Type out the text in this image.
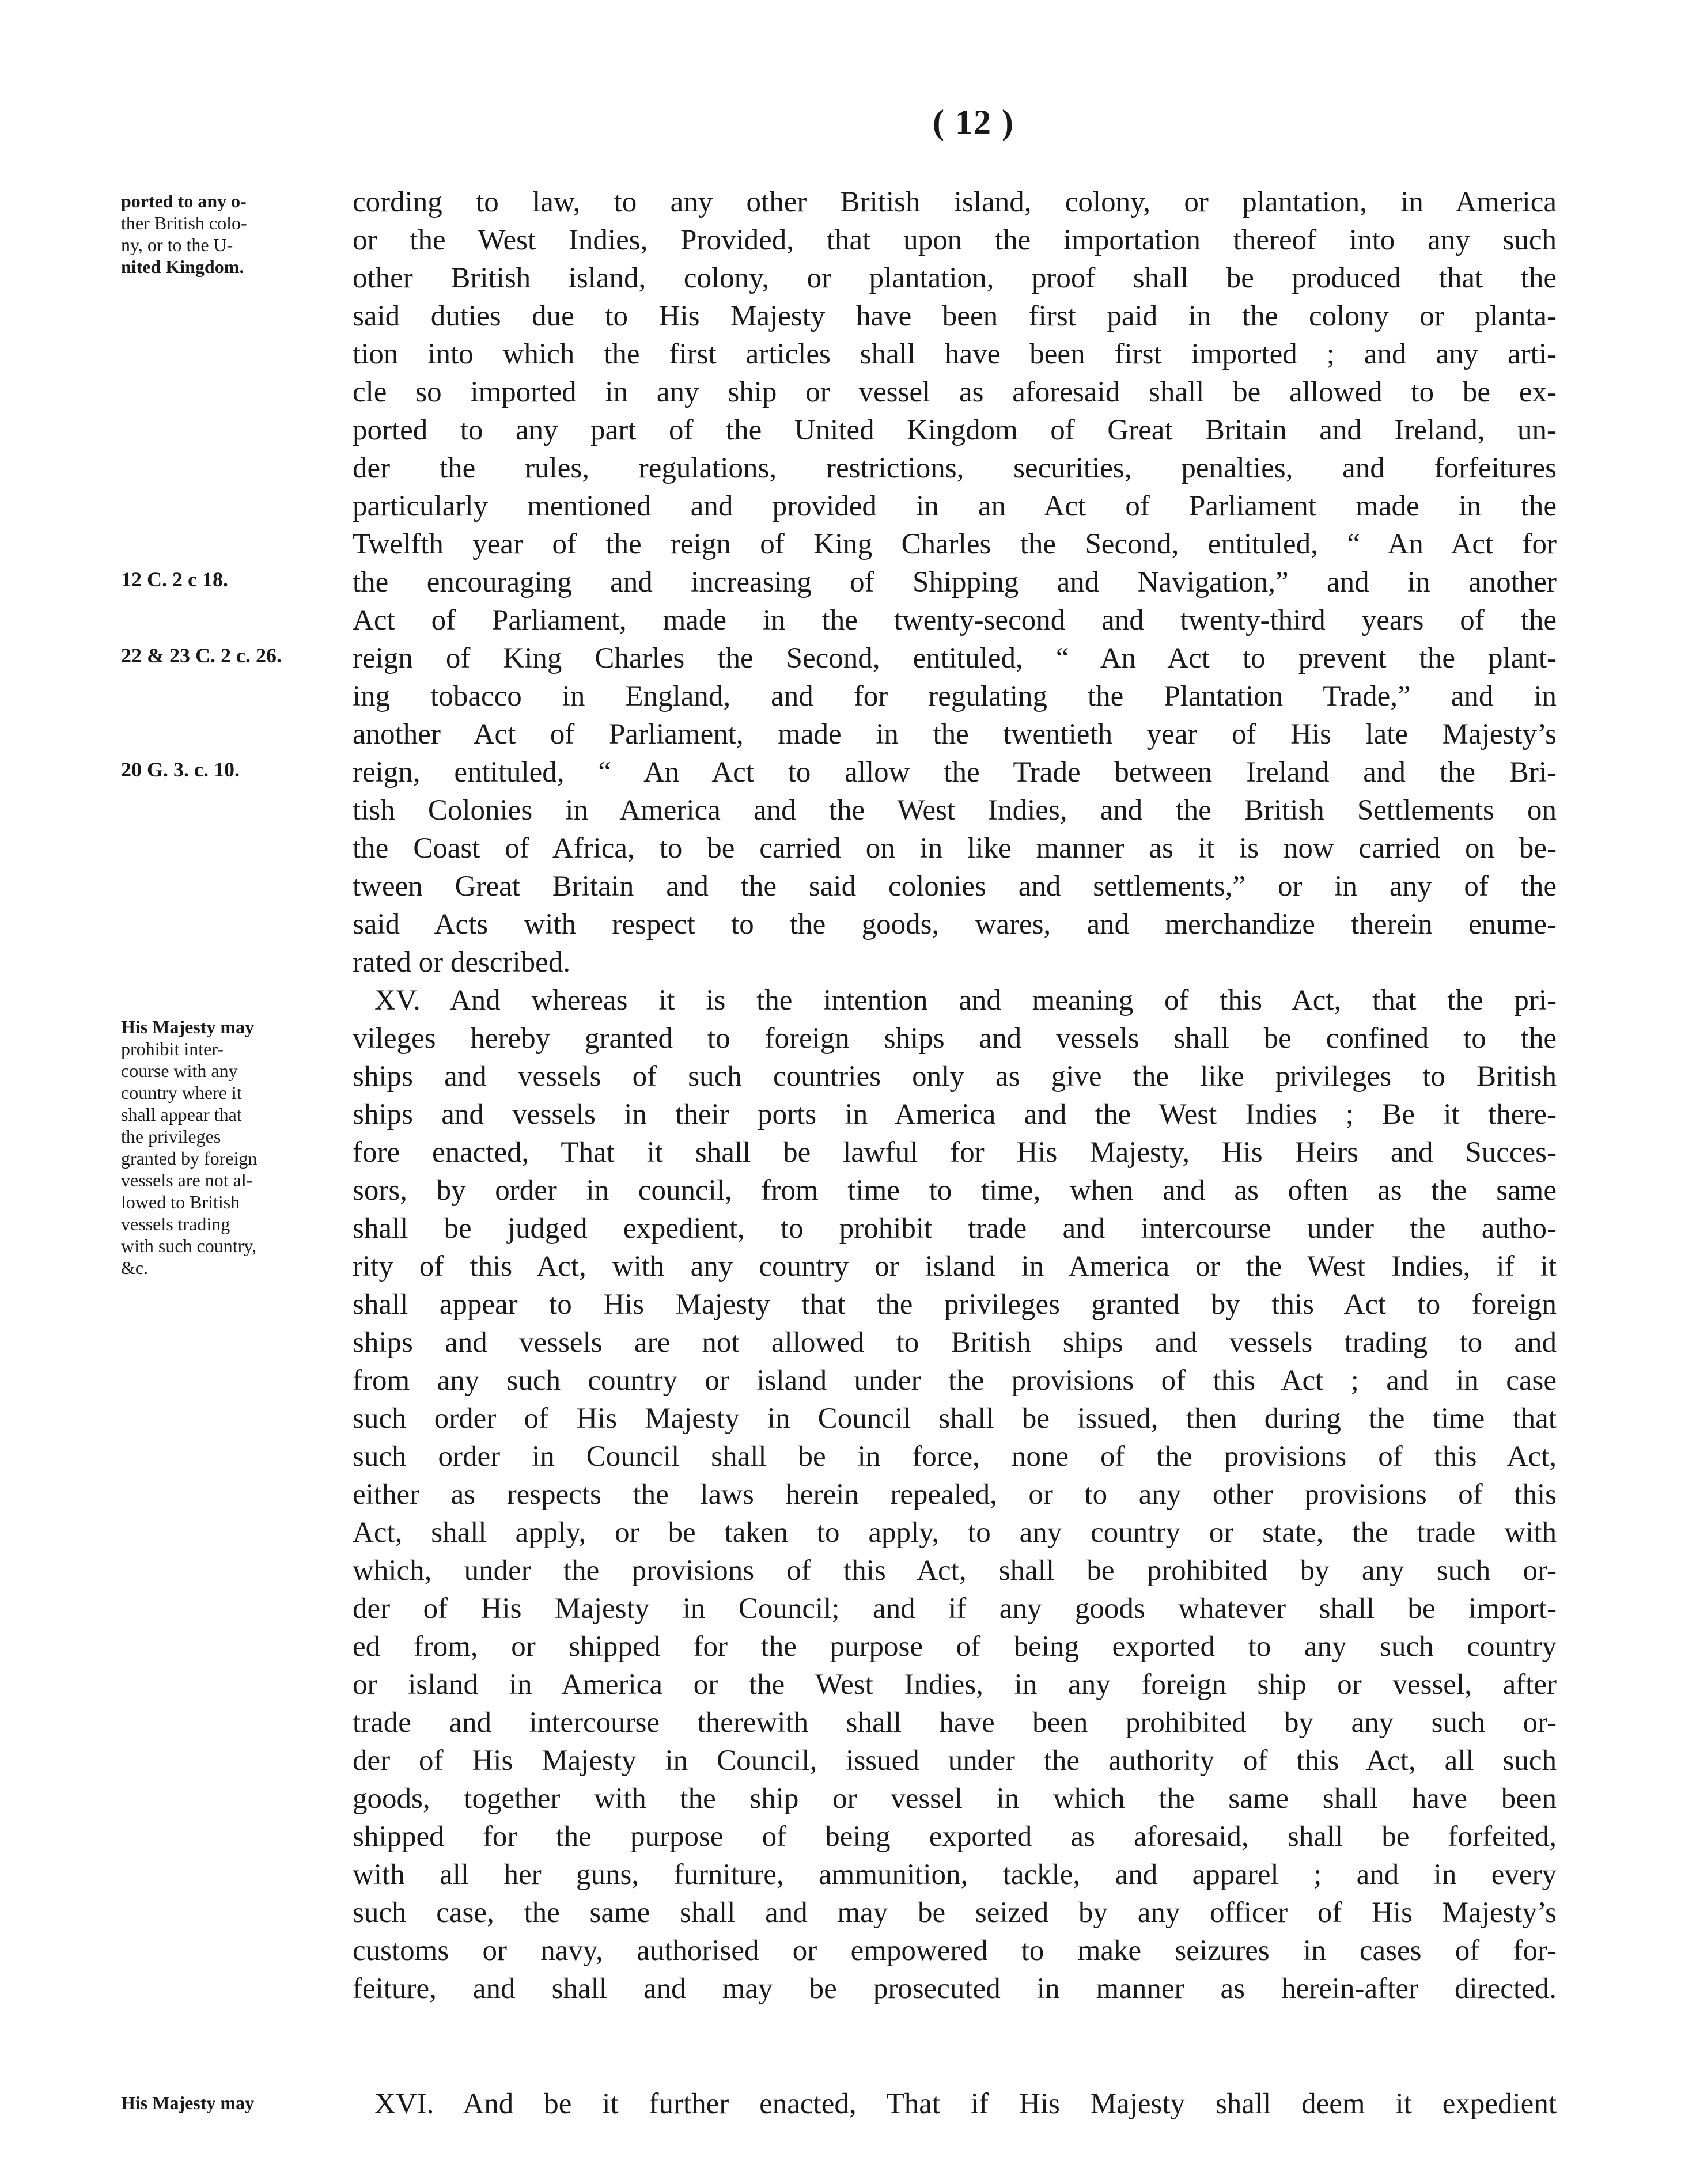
( 12 )
ported to any o-
ther British colo-
ny, or to the U-
nited Kingdom.
12 C. 2 c 18.
22 & 23 C. 2 c. 26.
20 G. 3. c. 10.
His Majesty may
prohibit inter-
course with any
country where it
shall appear that
the privileges
granted by foreign
vessels are not al-
lowed to British
vessels trading
with such country,
&c.
His Majesty may
cording to law, to any other British island, colony, or plantation, in America
or the West Indies, Provided, that upon the importation thereof into any such
other British island, colony, or plantation, proof shall be produced that the
said duties due to His Majesty have been first paid in the colony or planta-
tion into which the first articles shall have been first imported ; and any arti-
cle so imported in any ship or vessel as aforesaid shall be allowed to be ex-
ported to any part of the United Kingdom of Great Britain and Ireland, un-
der the rules, regulations, restrictions, securities, penalties, and forfeitures
particularly mentioned and provided in an Act of Parliament made in the
Twelfth year of the reign of King Charles the Second, entituled, “ An Act for
the encouraging and increasing of Shipping and Navigation,” and in another
Act of Parliament, made in the twenty-second and twenty-third years of the
reign of King Charles the Second, entituled, “ An Act to prevent the plant-
ing tobacco in England, and for regulating the Plantation Trade,” and in
another Act of Parliament, made in the twentieth year of His late Majesty’s
reign, entituled, “ An Act to allow the Trade between Ireland and the Bri-
tish Colonies in America and the West Indies, and the British Settlements on
the Coast of Africa, to be carried on in like manner as it is now carried on be-
tween Great Britain and the said colonies and settlements,” or in any of the
said Acts with respect to the goods, wares, and merchandize therein enume-
rated or described.
XV. And whereas it is the intention and meaning of this Act, that the pri-
vileges hereby granted to foreign ships and vessels shall be confined to the
ships and vessels of such countries only as give the like privileges to British
ships and vessels in their ports in America and the West Indies ; Be it there-
fore enacted, That it shall be lawful for His Majesty, His Heirs and Succes-
sors, by order in council, from time to time, when and as often as the same
shall be judged expedient, to prohibit trade and intercourse under the autho-
rity of this Act, with any country or island in America or the West Indies, if it
shall appear to His Majesty that the privileges granted by this Act to foreign
ships and vessels are not allowed to British ships and vessels trading to and
from any such country or island under the provisions of this Act ; and in case
such order of His Majesty in Council shall be issued, then during the time that
such order in Council shall be in force, none of the provisions of this Act,
either as respects the laws herein repealed, or to any other provisions of this
Act, shall apply, or be taken to apply, to any country or state, the trade with
which, under the provisions of this Act, shall be prohibited by any such or-
der of His Majesty in Council; and if any goods whatever shall be import-
ed from, or shipped for the purpose of being exported to any such country
or island in America or the West Indies, in any foreign ship or vessel, after
trade and intercourse therewith shall have been prohibited by any such or-
der of His Majesty in Council, issued under the authority of this Act, all such
goods, together with the ship or vessel in which the same shall have been
shipped for the purpose of being exported as aforesaid, shall be forfeited,
with all her guns, furniture, ammunition, tackle, and apparel ; and in every
such case, the same shall and may be seized by any officer of His Majesty’s
customs or navy, authorised or empowered to make seizures in cases of for-
feiture, and shall and may be prosecuted in manner as herein-after directed.
XVI. And be it further enacted, That if His Majesty shall deem it expedient
